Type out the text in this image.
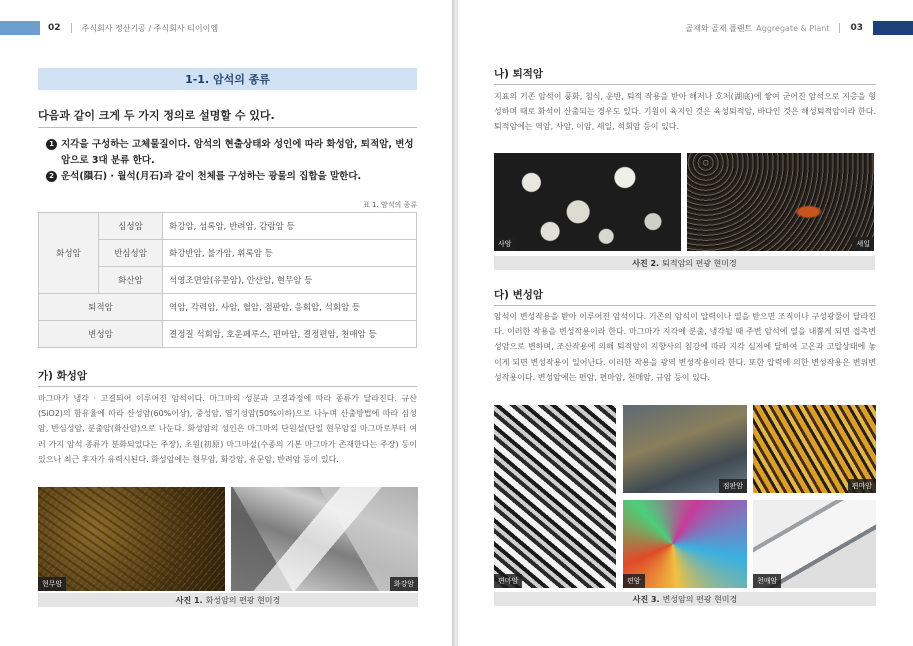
02	주식회사 정산기공 / 주식회사 티이이엠
1-1. 암석의 종류
다음과 같이 크게 두 가지 정의로 설명할 수 있다.
1 지각을 구성하는 고체물질이다. 암석의 현출상태와 성인에 따라 화성암, 퇴적암, 변성암으로 3대 분류 한다.
2 운석(隕石) · 월석(月石)과 같이 천체를 구성하는 광물의 집합을 말한다.
표 1. 암석의 종류
화성암	심성암	화강암, 섬록암, 반려암, 감람암 등
	반심성암	화강반암, 불가암, 휘록암 등
	화산암	석영조면암(유문암), 안산암, 현무암 등
퇴적암		역암, 각력암, 사암, 혈암, 점판암, 응회암, 석회암 등
변성암		결정질 석회암, 호운페루스, 편마암, 결정편암, 천매암 등
가) 화성암
마그마가 냉각 · 고결되어 이루어진 암석이다. 마그마의 성분과 고결과정에 따라 종류가 달라진다. 규산(SiO2)의 함유율에 따라 산성암(60%이상), 중성암, 염기성암(50%이하)으로 나누며 산출방법에 따라 심성암, 반심성암, 분출암(화산암)으로 나눈다. 화성암의 성인은 마그마의 단원설(단일 현무암질 마그마로부터 여러 가지 암석 종류가 분화되었다는 주장), 초원(初原) 마그마설(수종의 기본 마그마가 존재한다는 주장) 등이 있으나 최근 후자가 유력시된다. 화성암에는 현무암, 화강암, 유문암, 반려암 등이 있다.
현무암	화강암
사진 1. 화성암의 편광 현미경
골재와 골재 플랜트 Aggregate & Plant 03
나) 퇴적암
지표의 기존 암석이 풍화, 침식, 운반, 퇴적 작용을 받아 해저나 호저(湖底)에 쌓여 굳어진 암석으로 지층을 형성하며 때로 화석이 산출되는 경우도 있다. 기원이 육지인 것은 육성퇴적암, 바다인 것은 해성퇴적암이라 한다. 퇴적암에는 역암, 사암, 이암, 셰일, 석회암 등이 있다.
사암	셰일
사진 2. 퇴적암의 편광 현미경
다) 변성암
암석이 변성작용을 받아 이루어진 암석이다. 기존의 암석이 압력이나 열을 받으면 조직이나 구성광물이 달라진다. 이러한 작용을 변성작용이라 한다. 마그마가 지각에 분출, 냉각될 때 주변 암석에 열을 내뿜게 되면 접촉변성암으로 변하며, 조산작용에 의해 퇴적암이 지향사의 침강에 따라 지각 심저에 달하여 고온과 고압상태에 놓이게 되면 변성작용이 일어난다. 이러한 작용을 광역 변성작용이라 한다. 또한 압력에 의한 변성작용은 변위변성작용이다. 변성암에는 편암, 편마암, 천매암, 규암 등이 있다.
편마암
점판암	편마암
편암	천매암
사진 3. 변성암의 편광 현미경
